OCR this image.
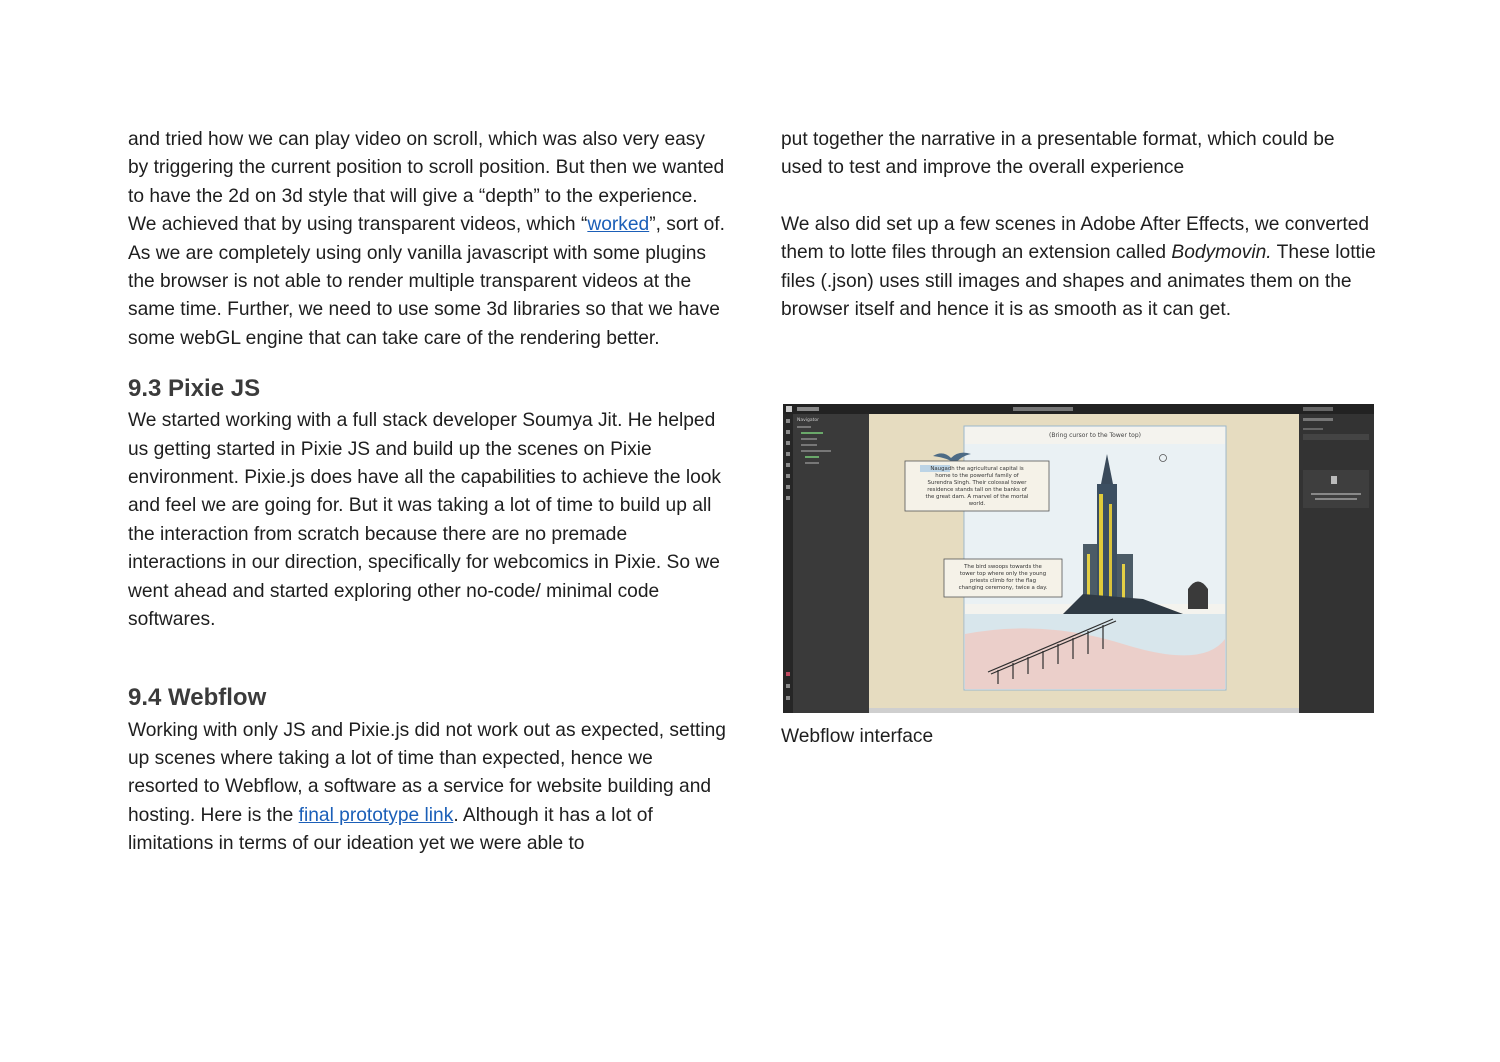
and tried how we can play video on scroll, which was also very easy by triggering the current position to scroll position. But then we wanted to have the 2d on 3d style that will give a “depth” to the experience. We achieved that by using transparent videos, which “worked”, sort of. As we are completely using only vanilla javascript with some plugins the browser is not able to render multiple transparent videos at the same time. Further, we need to use some 3d libraries so that we have some webGL engine that can take care of the rendering better.

9.3 Pixie JS

We started working with a full stack developer Soumya Jit. He helped us getting started in Pixie JS and build up the scenes on Pixie environment. Pixie.js does have all the capabilities to achieve the look and feel we are going for. But it was taking a lot of time to build up all the interaction from scratch because there are no premade interactions in our direction, specifically for webcomics in Pixie. So we went ahead and started exploring other no-code/ minimal code softwares.

9.4 Webflow

Working with only JS and Pixie.js did not work out as expected, setting up scenes where taking a lot of time than expected, hence we resorted to Webflow, a software as a service for website building and hosting. Here is the final prototype link. Although it has a lot of limitations in terms of our ideation yet we were able to

put together the narrative in a presentable format, which could be used to test and improve the overall experience

We also did set up a few scenes in Adobe After Effects, we converted them to lotte files through an extension called Bodymovin. These lottie files (.json) uses still images and shapes and animates them on the browser itself and hence it is as smooth as it can get.

Navigator
(Bring cursor to the Tower top)
Naugadh the agricultural capital is
home to the powerful family of
Surendra Singh. Their colossal tower
residence stands tall on the banks of
the great dam. A marvel of the mortal
world.
The bird swoops towards the
tower top where only the young
priests climb for the flag
changing ceremony, twice a day.
Webflow interface
